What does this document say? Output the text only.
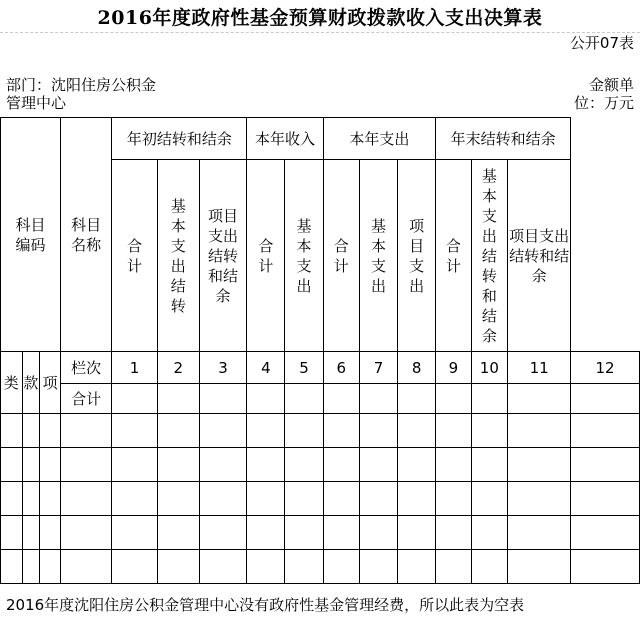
2016年度政府性基金预算财政拨款收入支出决算表
公开07表
部门：沈阳住房公积金管理中心
金额单位：万元
科目编码			科目名称	年初结转和结余			本年收入		本年支出			年末结转和结余			
				合计	基本支出结转	项目支出结转和结余	合计	基本支出	合计	基本支出	项目支出	合计	基本支出结转和结余	项目支出结转和结余	
类	款	项	栏次	1	2	3	4	5	6	7	8	9	10	11	12
			合计												

2016年度沈阳住房公积金管理中心没有政府性基金管理经费，所以此表为空表
